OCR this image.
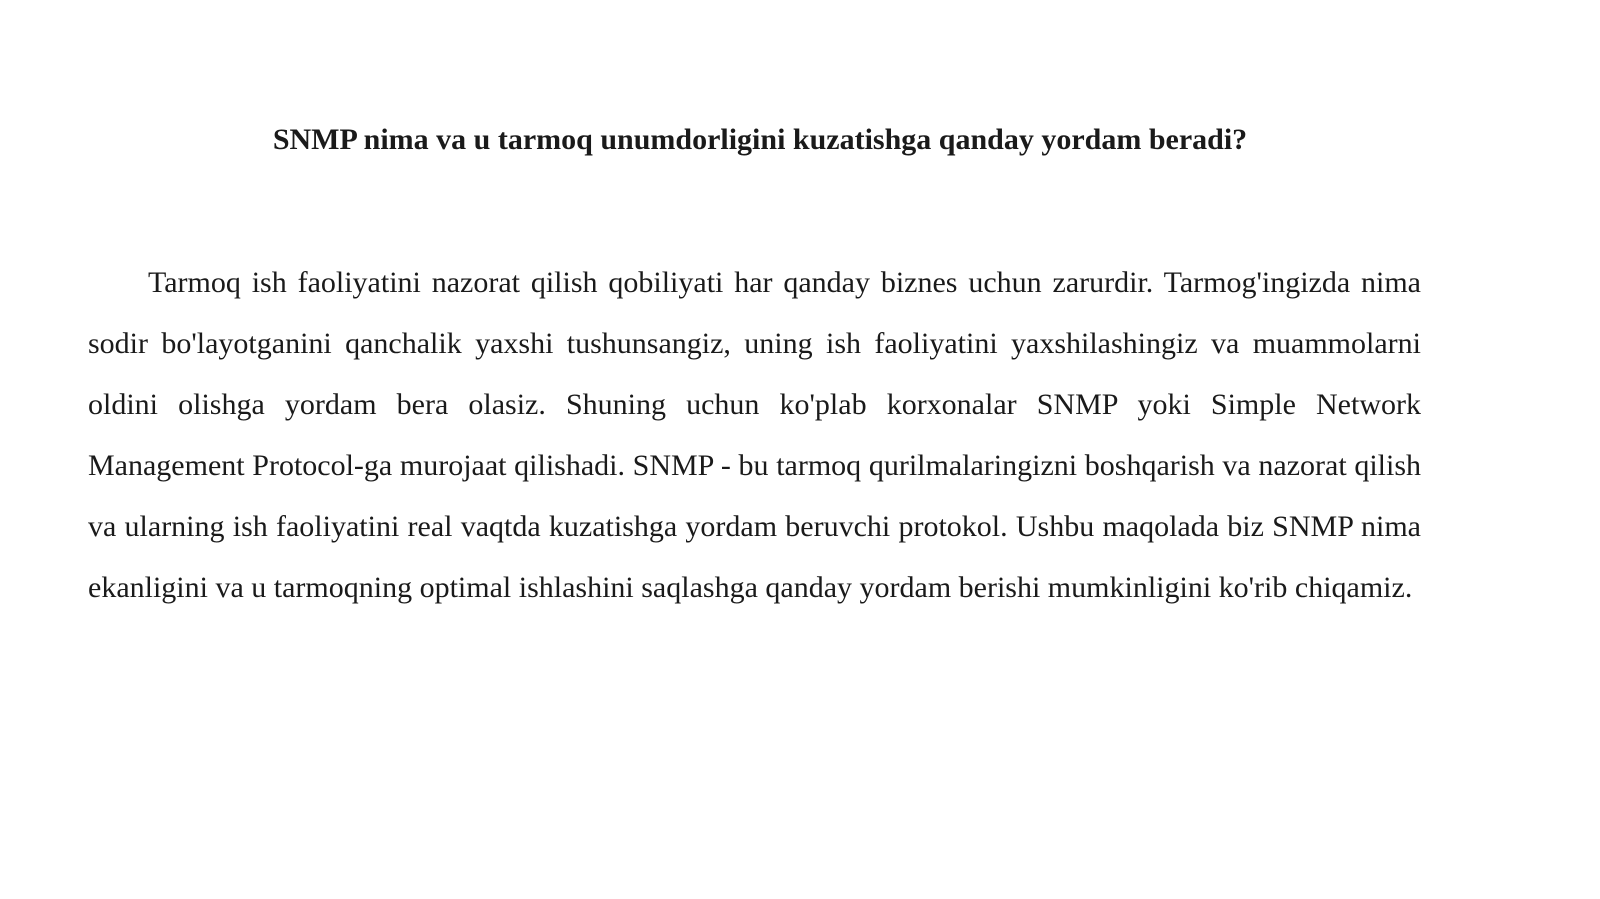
SNMP nima va u tarmoq unumdorligini kuzatishga qanday yordam beradi?

Tarmoq ish faoliyatini nazorat qilish qobiliyati har qanday biznes uchun zarurdir. Tarmog'ingizda nima sodir bo'layotganini qanchalik yaxshi tushunsangiz, uning ish faoliyatini yaxshilashingiz va muammolarni oldini olishga yordam bera olasiz. Shuning uchun ko'plab korxonalar SNMP yoki Simple Network Management Protocol-ga murojaat qilishadi. SNMP - bu tarmoq qurilmalaringizni boshqarish va nazorat qilish va ularning ish faoliyatini real vaqtda kuzatishga yordam beruvchi protokol. Ushbu maqolada biz SNMP nima ekanligini va u tarmoqning optimal ishlashini saqlashga qanday yordam berishi mumkinligini ko'rib chiqamiz.
